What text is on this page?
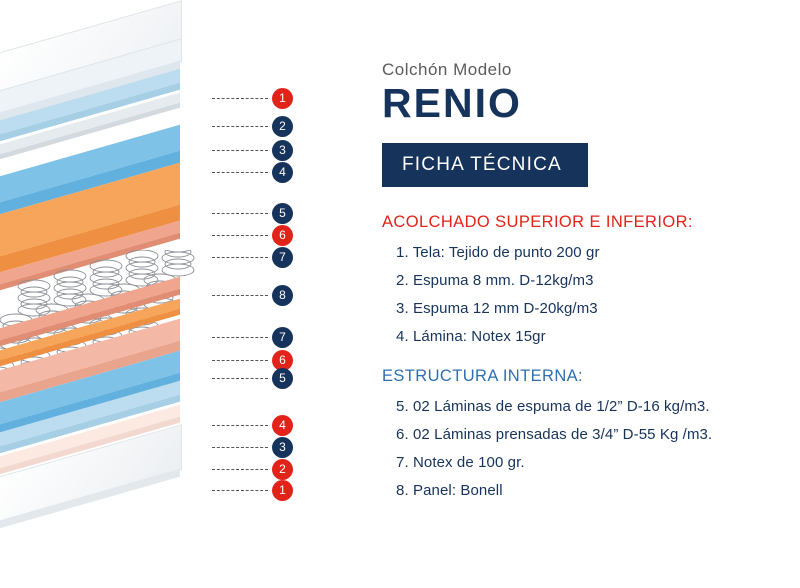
1
2
3
4
5
6
7
8
7
6
5
4
3
2
1

Colchón Modelo

RENIO
FICHA TÉCNICA
ACOLCHADO SUPERIOR E INFERIOR:
1. Tela: Tejido de punto 200 gr
2. Espuma 8 mm. D-12kg/m3
3. Espuma 12 mm D-20kg/m3
4. Lámina: Notex 15gr
ESTRUCTURA INTERNA:
5. 02 Láminas de espuma de 1/2” D-16 kg/m3.
6. 02 Láminas prensadas de 3/4” D-55 Kg /m3.
7. Notex de 100 gr.
8. Panel: Bonell
